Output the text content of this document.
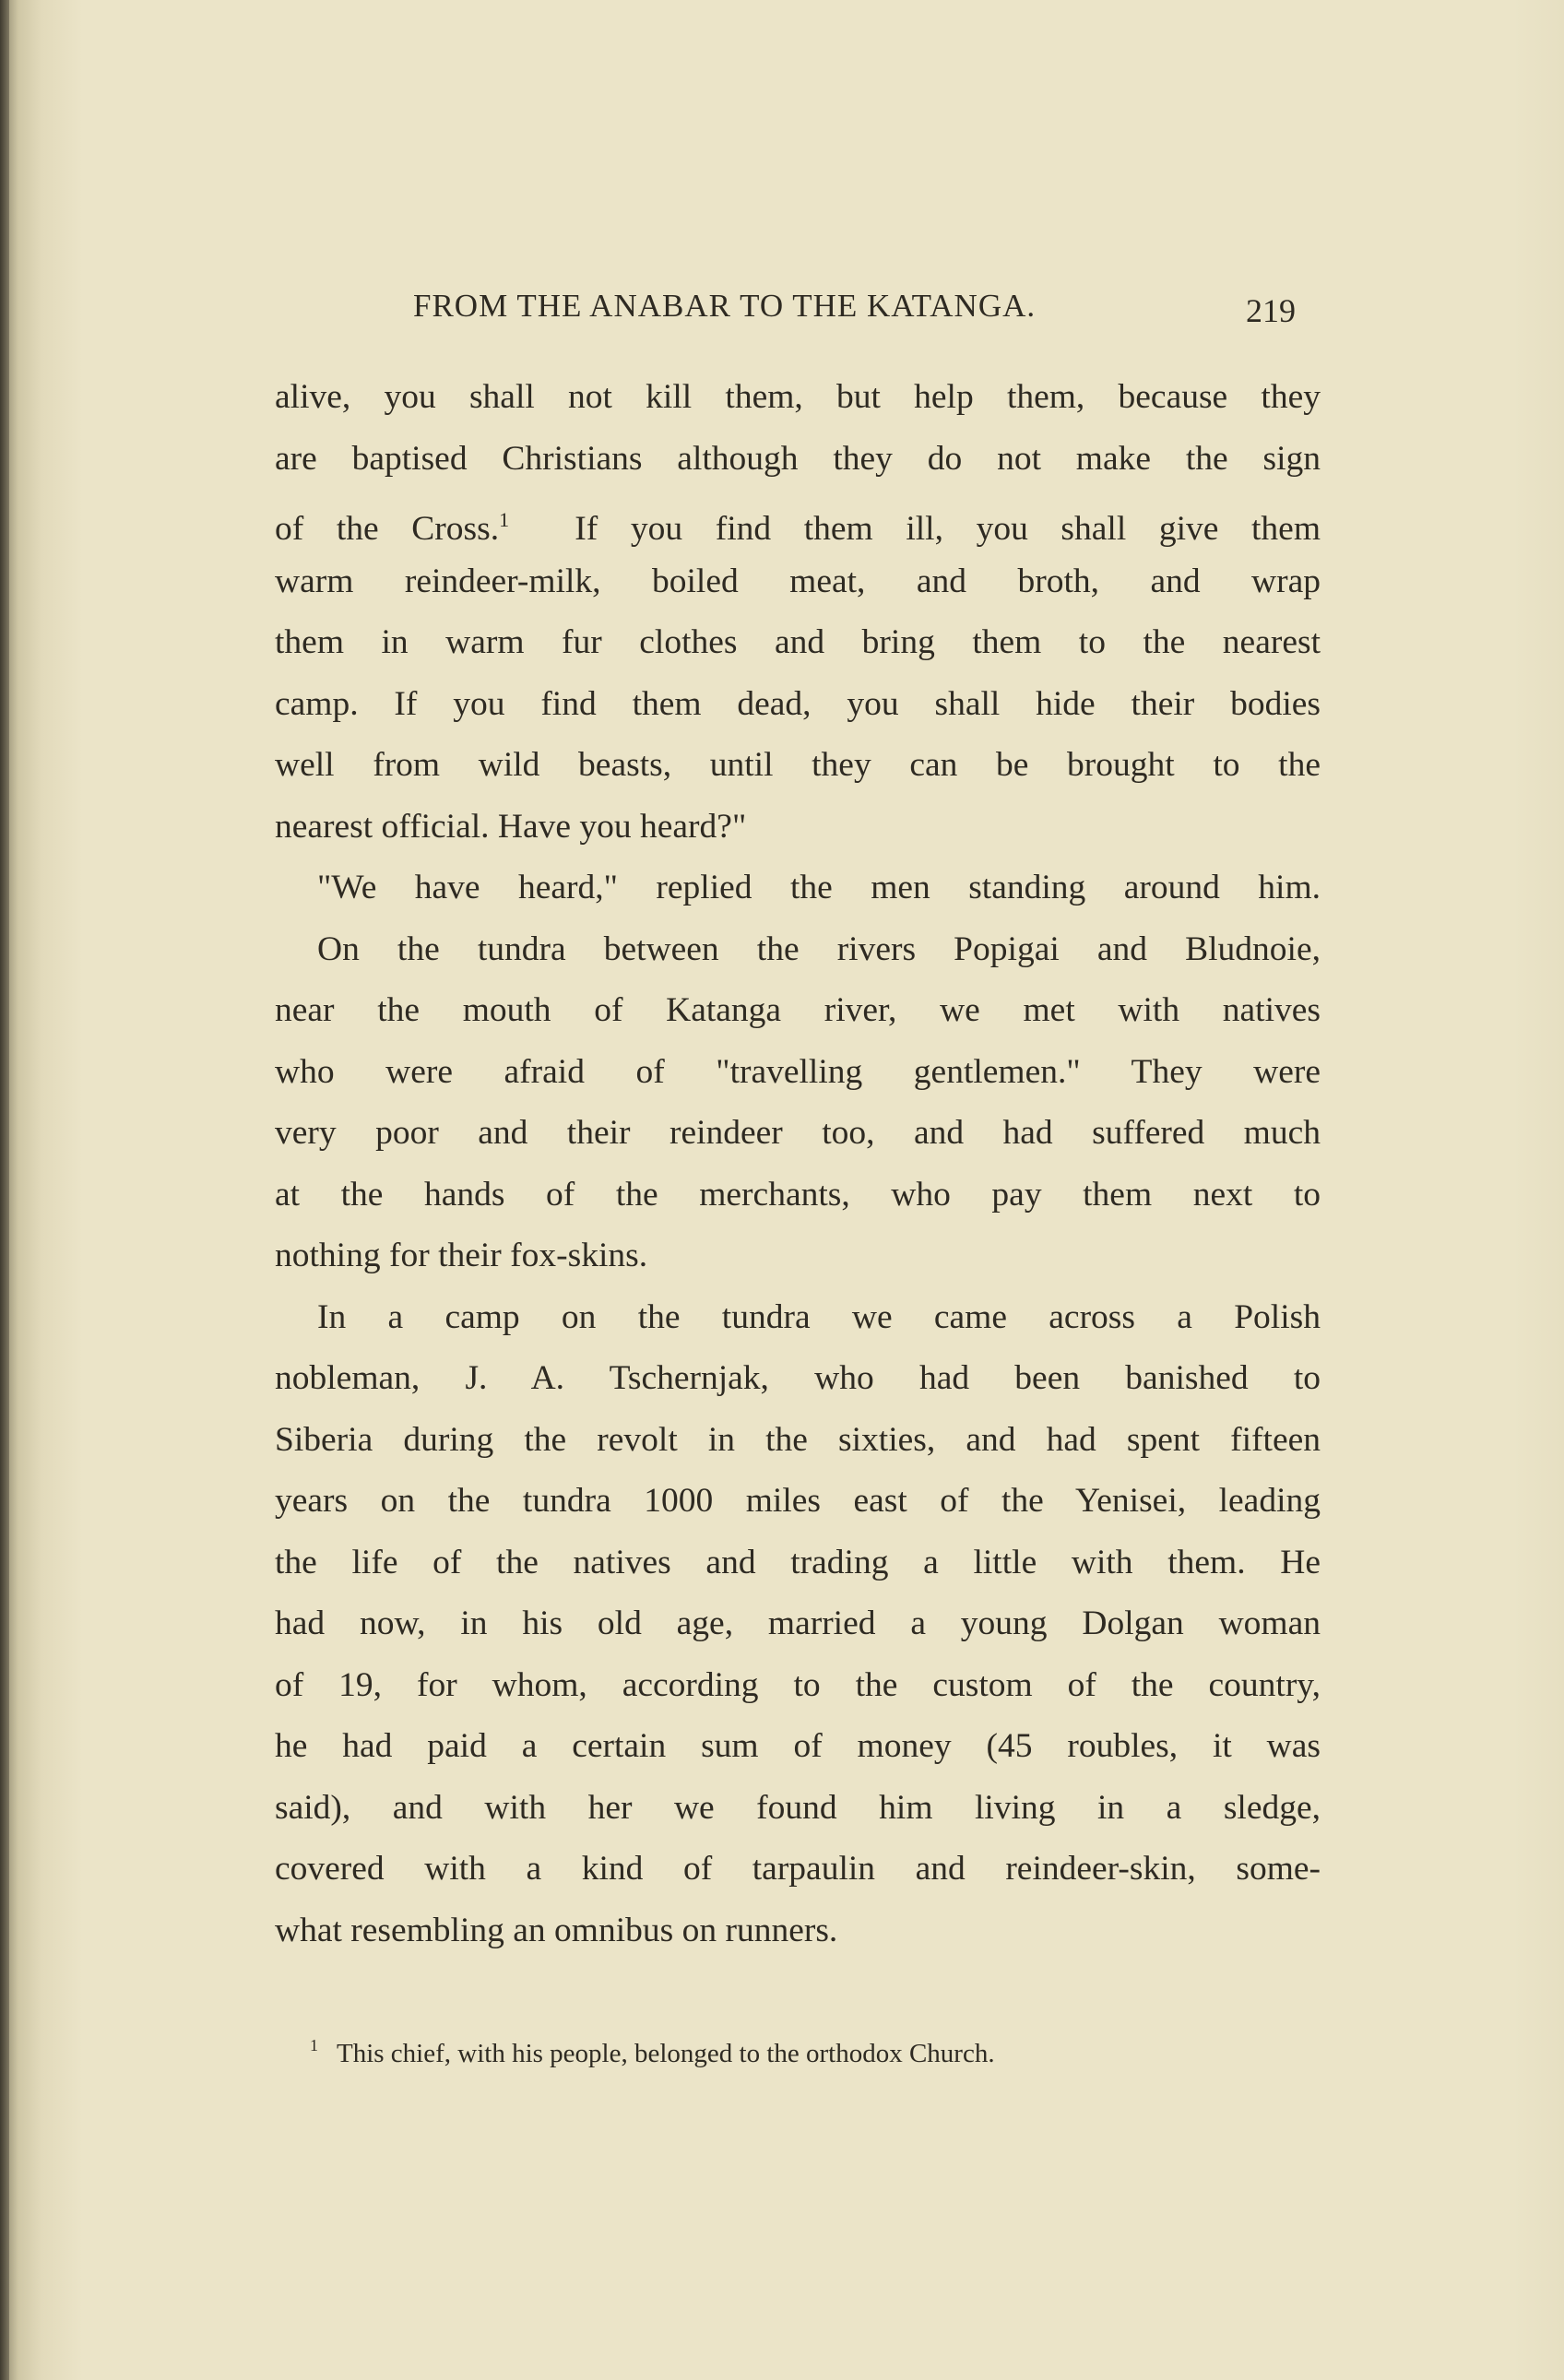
FROM THE ANABAR TO THE KATANGA.	219
alive, you shall not kill them, but help them, because they
are baptised Christians although they do not make the sign
of the Cross.$^1$ If you find them ill, you shall give them
warm reindeer-milk, boiled meat, and broth, and wrap
them in warm fur clothes and bring them to the nearest
camp. If you find them dead, you shall hide their bodies
well from wild beasts, until they can be brought to the
nearest official. Have you heard?"
"We have heard," replied the men standing around him.
On the tundra between the rivers Popigai and Bludnoie,
near the mouth of Katanga river, we met with natives
who were afraid of "travelling gentlemen." They were
very poor and their reindeer too, and had suffered much
at the hands of the merchants, who pay them next to
nothing for their fox-skins.
In a camp on the tundra we came across a Polish
nobleman, J. A. Tschernjak, who had been banished to
Siberia during the revolt in the sixties, and had spent fifteen
years on the tundra 1000 miles east of the Yenisei, leading
the life of the natives and trading a little with them. He
had now, in his old age, married a young Dolgan woman
of 19, for whom, according to the custom of the country,
he had paid a certain sum of money (45 roubles, it was
said), and with her we found him living in a sledge,
covered with a kind of tarpaulin and reindeer-skin, some-
what resembling an omnibus on runners.
$^1$ This chief, with his people, belonged to the orthodox Church.
